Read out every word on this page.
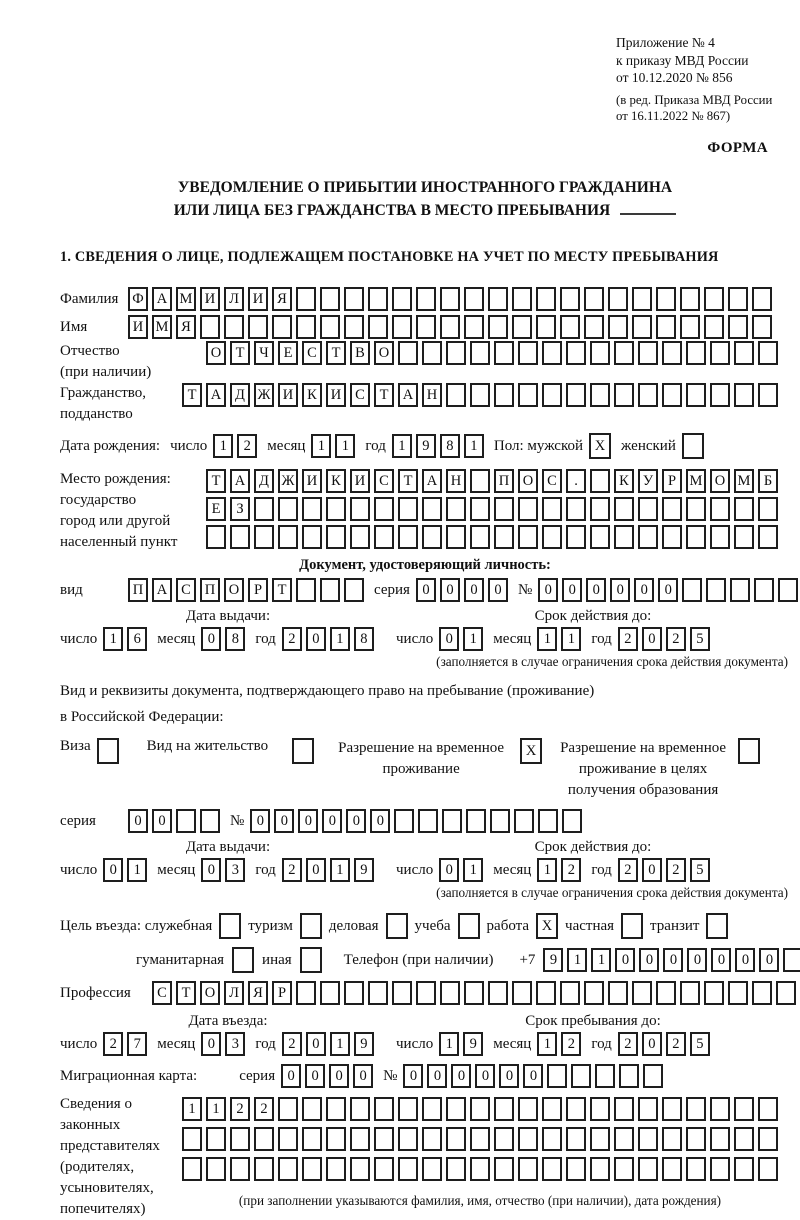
Приложение № 4
к приказу МВД России
от 10.12.2020 № 856
(в ред. Приказа МВД России
от 16.11.2022 № 867)
ФОРМА
УВЕДОМЛЕНИЕ О ПРИБЫТИИ ИНОСТРАННОГО ГРАЖДАНИНА
ИЛИ ЛИЦА БЕЗ ГРАЖДАНСТВА В МЕСТО ПРЕБЫВАНИЯ
1. СВЕДЕНИЯ О ЛИЦЕ, ПОДЛЕЖАЩЕМ ПОСТАНОВКЕ НА УЧЕТ ПО МЕСТУ ПРЕБЫВАНИЯ
Фамилия Ф А М И Л И Я
Имя	И М Я
Отчество
(при наличии)
О Т	Ч	Е	С	Т	В О
Гражданство,
подданство
Т А Д Ж И К И С	Т А Н
Дата рождения: число 1	2	месяц 1	1	год 1	9	8	1	Пол: мужской X	женский
Место рождения:
государство
город или другой
населенный пункт
Т А Д Ж И К И С	Т А Н	П О С	.	К У	Р М О М Б
Е	З
Документ, удостоверяющий личность:
вид	П А С П О	Р	Т	серия 0	0	0	0	№ 0	0	0	0	0	0
Дата выдачи:
число 1	6	месяц 0	8	год 2	0	1	8
Срок действия до:
число 0	1	месяц 1	1	год 2	0	2	5
(заполняется в случае ограничения срока действия документа)
Вид и реквизиты документа, подтверждающего право на пребывание (проживание)
в Российской Федерации:
Виза	Вид на жительство	Разрешение на временное
проживание
X	Разрешение на временное
проживание в целях
получения образования
серия	0	0	№ 0	0	0	0	0	0
Дата выдачи:
число 0	1	месяц 0	3	год 2	0	1	9
Срок действия до:
число 0	1	месяц 1	2	год 2	0	2	5
(заполняется в случае ограничения срока действия документа)
Цель въезда: служебная туризм деловая учеба работа X частная транзит
гуманитарная	иная	Телефон (при наличии) +7 9	1	1	0	0	0	0	0	0	0
Профессия	С	Т О Л Я	Р
Дата въезда:
число 2	7	месяц 0	3	год 2	0	1	9
Срок пребывания до:
число 1	9	месяц 1	2	год 2	0	2	5
Миграционная карта:	серия 0	0	0	0	№ 0	0	0	0	0	0
Сведения о
законных
представителях
(родителях,
усыновителях,
попечителях)
1	1	2	2
(при заполнении указываются фамилия, имя, отчество (при наличии), дата рождения)
